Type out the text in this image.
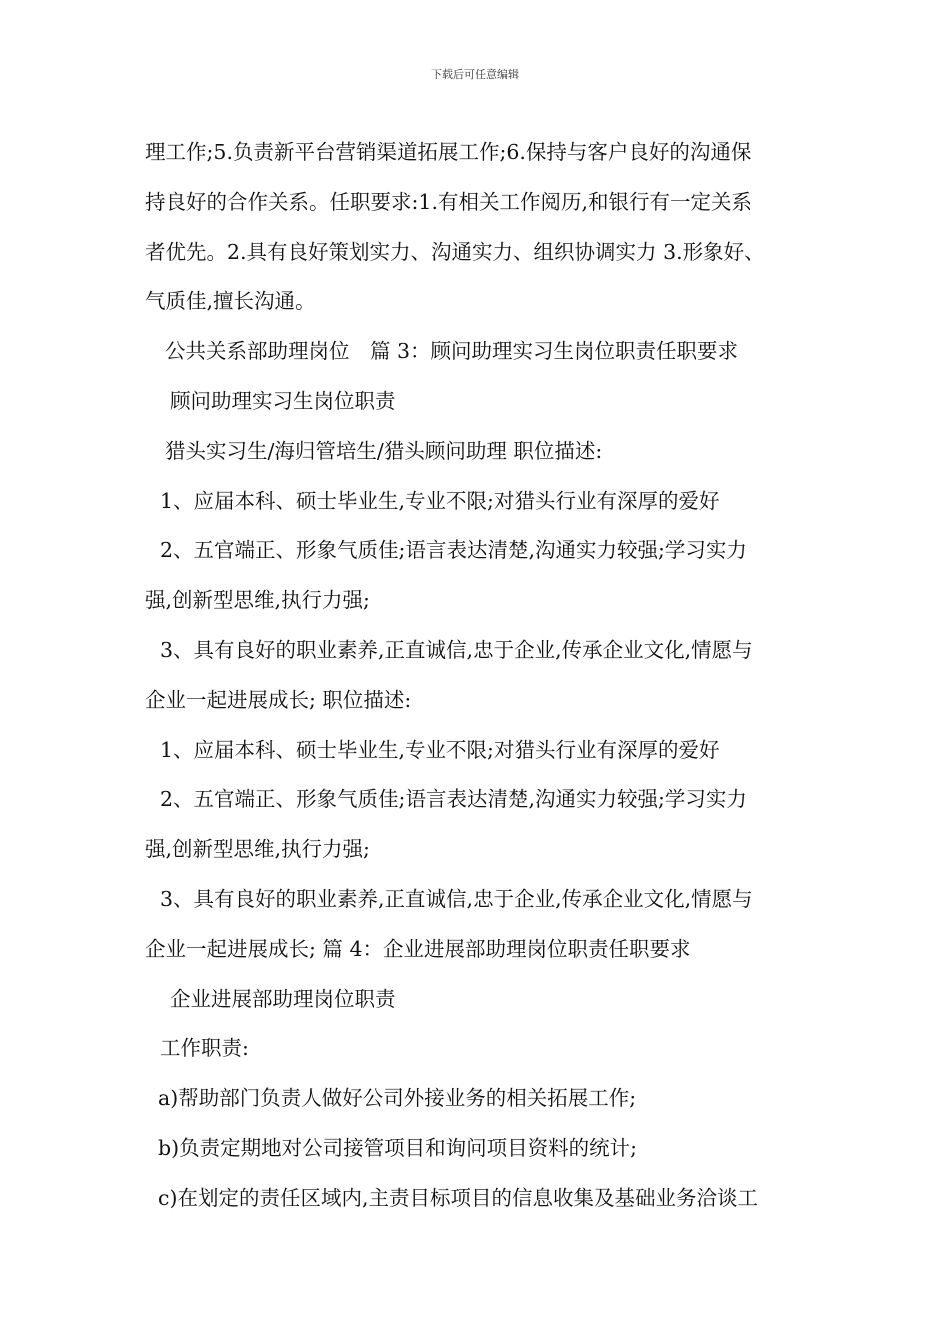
下载后可任意编辑
理工作;5.负责新平台营销渠道拓展工作;6.保持与客户良好的沟通保
持良好的合作关系。任职要求:1.有相关工作阅历,和银行有一定关系
者优先。2.具有良好策划实力、沟通实力、组织协调实力 3.形象好、
气质佳,擅长沟通。
公共关系部助理岗位　篇 3：顾问助理实习生岗位职责任职要求
顾问助理实习生岗位职责
猎头实习生/海归管培生/猎头顾问助理 职位描述:
1、应届本科、硕士毕业生,专业不限;对猎头行业有深厚的爱好
2、五官端正、形象气质佳;语言表达清楚,沟通实力较强;学习实力
强,创新型思维,执行力强;
3、具有良好的职业素养,正直诚信,忠于企业,传承企业文化,情愿与
企业一起进展成长; 职位描述:
1、应届本科、硕士毕业生,专业不限;对猎头行业有深厚的爱好
2、五官端正、形象气质佳;语言表达清楚,沟通实力较强;学习实力
强,创新型思维,执行力强;
3、具有良好的职业素养,正直诚信,忠于企业,传承企业文化,情愿与
企业一起进展成长; 篇 4：企业进展部助理岗位职责任职要求
企业进展部助理岗位职责
工作职责:
a)帮助部门负责人做好公司外接业务的相关拓展工作;
b)负责定期地对公司接管项目和询问项目资料的统计;
c)在划定的责任区域内,主责目标项目的信息收集及基础业务洽谈工
